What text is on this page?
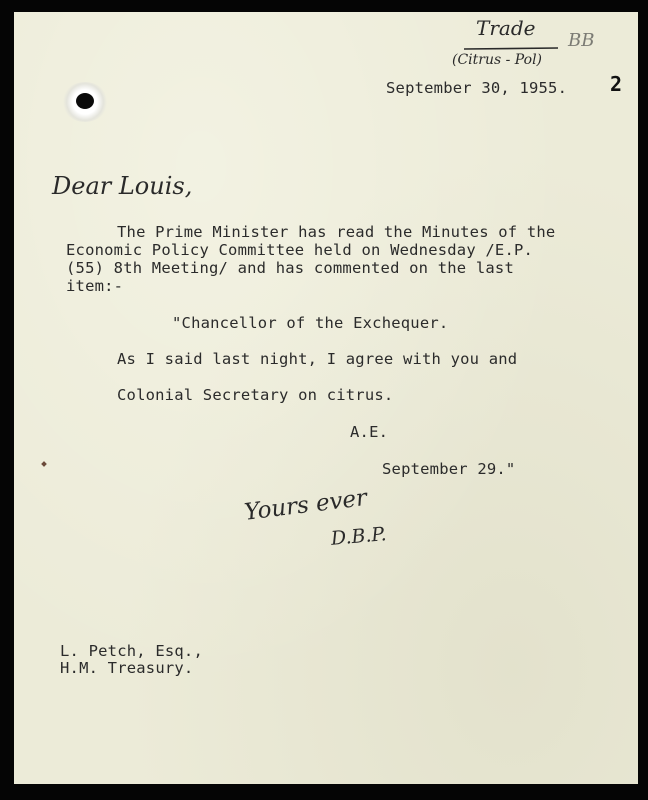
Trade
(Citrus - Pol)
BB
2
September 30, 1955.
Dear Louis,
The Prime Minister has read the Minutes of the
Economic Policy Committee held on Wednesday /E.P.
(55) 8th Meeting/ and has commented on the last
item:-
"Chancellor of the Exchequer.
As I said last night, I agree with you and
Colonial Secretary on citrus.
A.E.
September 29."
Yours ever
D.B.P.
L. Petch, Esq.,
H.M. Treasury.
